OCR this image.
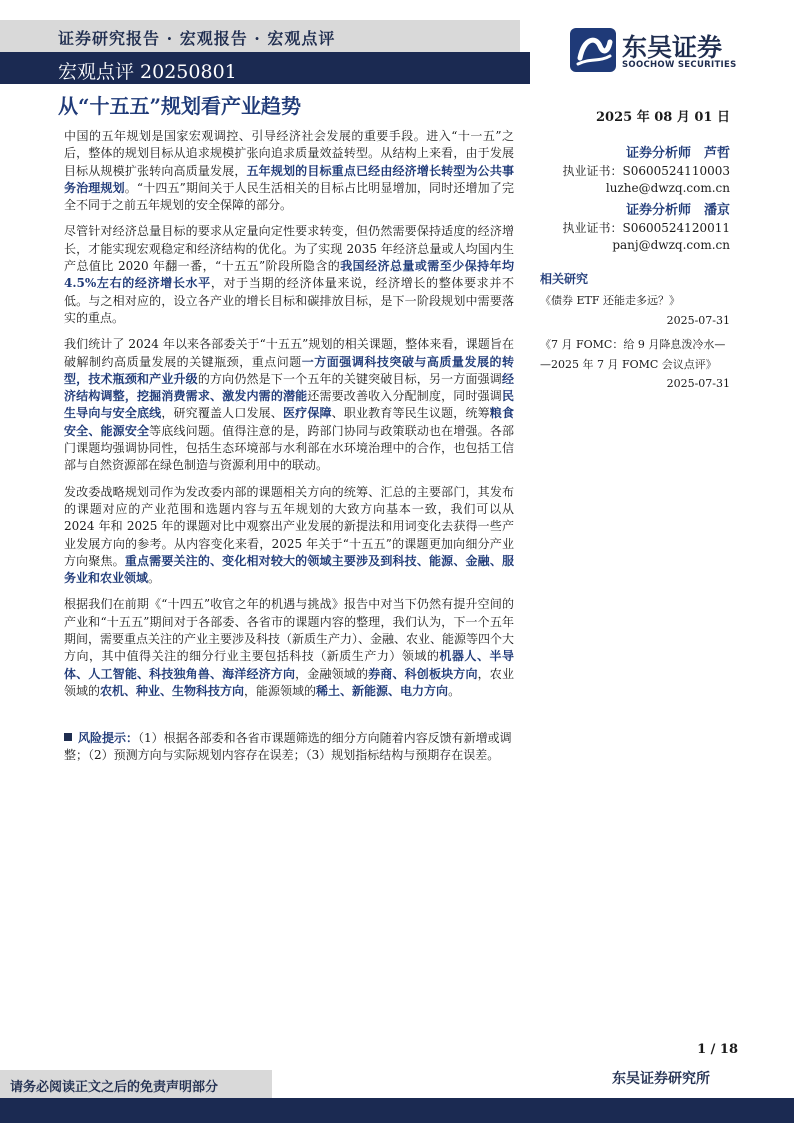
证券研究报告 · 宏观报告 · 宏观点评
宏观点评 20250801
从“十五五”规划看产业趋势
东吴证券
SOOCHOW SECURITIES
2025 年 08 月 01 日
证券分析师　芦哲
执业证书：S0600524110003
luzhe@dwzq.com.cn
证券分析师　潘京
执业证书：S0600524120011
panj@dwzq.com.cn
相关研究
《债券 ETF 还能走多远？》
2025-07-31
《7 月 FOMC：给 9 月降息泼冷水—
—2025 年 7 月 FOMC 会议点评》
2025-07-31

中国的五年规划是国家宏观调控、引导经济社会发展的重要手段。进入“十一五”之后，整体的规划目标从追求规模扩张向追求质量效益转型。从结构上来看，由于发展目标从规模扩张转向高质量发展，五年规划的目标重点已经由经济增长转型为公共事务治理规划。“十四五”期间关于人民生活相关的目标占比明显增加，同时还增加了完全不同于之前五年规划的安全保障的部分。

尽管针对经济总量目标的要求从定量向定性要求转变，但仍然需要保持适度的经济增长，才能实现宏观稳定和经济结构的优化。为了实现 2035 年经济总量或人均国内生产总值比 2020 年翻一番，“十五五”阶段所隐含的我国经济总量或需至少保持年均 4.5%左右的经济增长水平，对于当期的经济体量来说，经济增长的整体要求并不低。与之相对应的，设立各产业的增长目标和碳排放目标，是下一阶段规划中需要落实的重点。

我们统计了 2024 年以来各部委关于“十五五”规划的相关课题，整体来看，课题旨在破解制约高质量发展的关键瓶颈，重点问题一方面强调科技突破与高质量发展的转型，技术瓶颈和产业升级的方向仍然是下一个五年的关键突破目标，另一方面强调经济结构调整，挖掘消费需求、激发内需的潜能还需要改善收入分配制度，同时强调民生导向与安全底线，研究覆盖人口发展、医疗保障、职业教育等民生议题，统筹粮食安全、能源安全等底线问题。值得注意的是，跨部门协同与政策联动也在增强。各部门课题均强调协同性，包括生态环境部与水利部在水环境治理中的合作，也包括工信部与自然资源部在绿色制造与资源利用中的联动。

发改委战略规划司作为发改委内部的课题相关方向的统筹、汇总的主要部门，其发布的课题对应的产业范围和选题内容与五年规划的大致方向基本一致，我们可以从 2024 年和 2025 年的课题对比中观察出产业发展的新提法和用词变化去获得一些产业发展方向的参考。从内容变化来看，2025 年关于“十五五”的课题更加向细分产业方向聚焦。重点需要关注的、变化相对较大的领域主要涉及到科技、能源、金融、服务业和农业领域。

根据我们在前期《“十四五”收官之年的机遇与挑战》报告中对当下仍然有提升空间的产业和“十五五”期间对于各部委、各省市的课题内容的整理，我们认为，下一个五年期间，需要重点关注的产业主要涉及科技（新质生产力）、金融、农业、能源等四个大方向，其中值得关注的细分行业主要包括科技（新质生产力）领域的机器人、半导体、人工智能、科技独角兽、海洋经济方向，金融领域的券商、科创板块方向，农业领域的农机、种业、生物科技方向，能源领域的稀土、新能源、电力方向。

风险提示：（1）根据各部委和各省市课题筛选的细分方向随着内容反馈有新增或调整；（2）预测方向与实际规划内容存在误差；（3）规划指标结构与预期存在误差。
1 / 18
请务必阅读正文之后的免责声明部分
东吴证券研究所
